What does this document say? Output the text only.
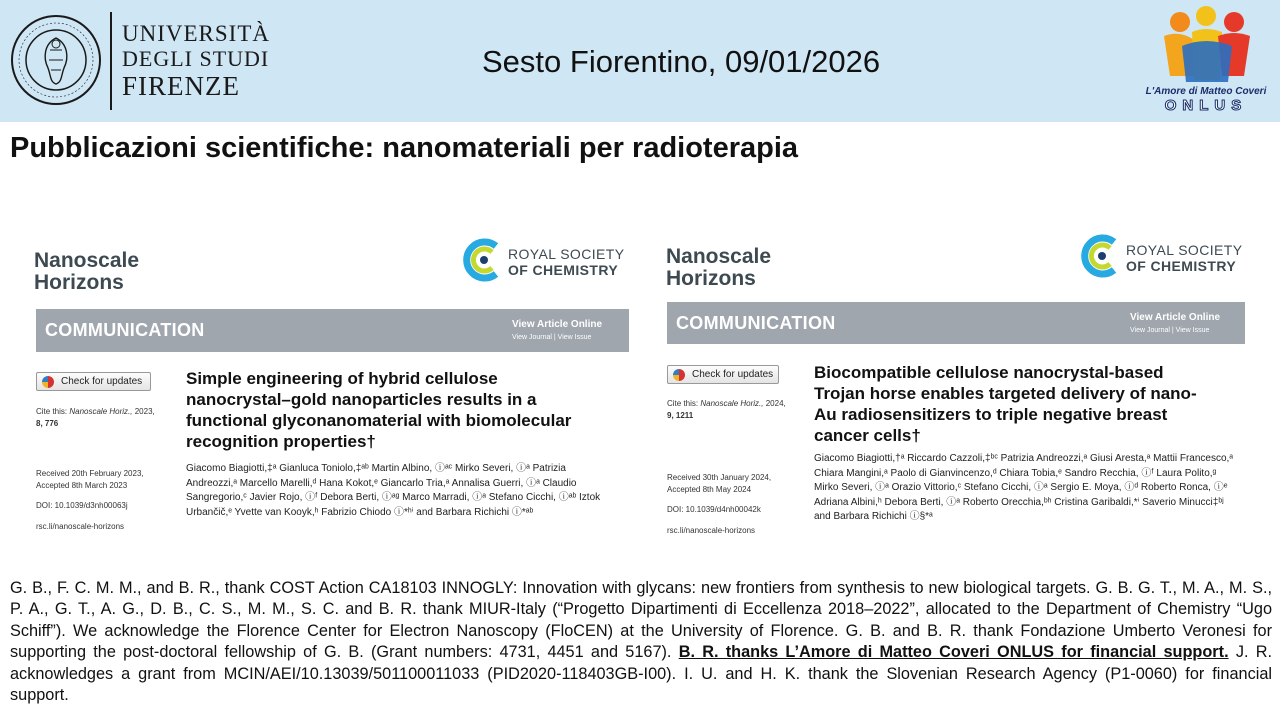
UNIVERSITÀ
DEGLI STUDI
FIRENZE
Sesto Fiorentino, 09/01/2026
L'Amore di Matteo Coveri
ONLUS
Pubblicazioni scientifiche: nanomateriali per radioterapia
Nanoscale
Horizons
ROYAL SOCIETY
OF CHEMISTRY
COMMUNICATION	View Article Online
View Journal | View Issue
Check for updates
Cite this: Nanoscale Horiz., 2023,
8, 776
Simple engineering of hybrid cellulose nanocrystal–gold nanoparticles results in a functional glyconanomaterial with biomolecular recognition properties†
Received 20th February 2023,
Accepted 8th March 2023
DOI: 10.1039/d3nh00063j
rsc.li/nanoscale-horizons
Giacomo Biagiotti,‡ᵃ Gianluca Toniolo,‡ᵃᵇ Martin Albino, ⓘᵃᶜ Mirko Severi, ⓘᵃ Patrizia Andreozzi,ᵃ Marcello Marelli,ᵈ Hana Kokot,ᵉ Giancarlo Tria,ᵃ Annalisa Guerri, ⓘᵃ Claudio Sangregorio,ᶜ Javier Rojo, ⓘᶠ Debora Berti, ⓘᵃᵍ Marco Marradi, ⓘᵃ Stefano Cicchi, ⓘᵃᵇ Iztok Urbančič,ᵉ Yvette van Kooyk,ʰ Fabrizio Chiodo ⓘ*ʰⁱ and Barbara Richichi ⓘ*ᵃᵇ
Nanoscale
Horizons
ROYAL SOCIETY
OF CHEMISTRY
COMMUNICATION	View Article Online
View Journal | View Issue
Check for updates
Cite this: Nanoscale Horiz., 2024,
9, 1211
Biocompatible cellulose nanocrystal-based Trojan horse enables targeted delivery of nano-Au radiosensitizers to triple negative breast cancer cells†
Received 30th January 2024,
Accepted 8th May 2024
DOI: 10.1039/d4nh00042k
rsc.li/nanoscale-horizons
Giacomo Biagiotti,†ᵃ Riccardo Cazzoli,‡ᵇᶜ Patrizia Andreozzi,ᵃ Giusi Aresta,ᵃ Mattii Francesco,ᵃ Chiara Mangini,ᵃ Paolo di Gianvincenzo,ᵈ Chiara Tobia,ᵉ Sandro Recchia, ⓘᶠ Laura Polito,ᵍ Mirko Severi, ⓘᵃ Orazio Vittorio,ᶜ Stefano Cicchi, ⓘᵃ Sergio E. Moya, ⓘᵈ Roberto Ronca, ⓘᵉ Adriana Albini,ʰ Debora Berti, ⓘᵃ Roberto Orecchia,ᵇʰ Cristina Garibaldi,*ⁱ Saverio Minucci‡ᵇʲ and Barbara Richichi ⓘ§*ᵃ
G. B., F. C. M. M., and B. R., thank COST Action CA18103 INNOGLY: Innovation with glycans: new frontiers from synthesis to new biological targets. G. B. G. T., M. A., M. S., P. A., G. T., A. G., D. B., C. S., M. M., S. C. and B. R. thank MIUR-Italy (“Progetto Dipartimenti di Eccellenza 2018–2022”, allocated to the Department of Chemistry “Ugo Schiff”). We acknowledge the Florence Center for Electron Nanoscopy (FloCEN) at the University of Florence. G. B. and B. R. thank Fondazione Umberto Veronesi for supporting the post-doctoral fellowship of G. B. (Grant numbers: 4731, 4451 and 5167). B. R. thanks L’Amore di Matteo Coveri ONLUS for financial support. J. R. acknowledges a grant from MCIN/AEI/10.13039/501100011033 (PID2020-118403GB-I00). I. U. and H. K. thank the Slovenian Research Agency (P1-0060) for financial support.
